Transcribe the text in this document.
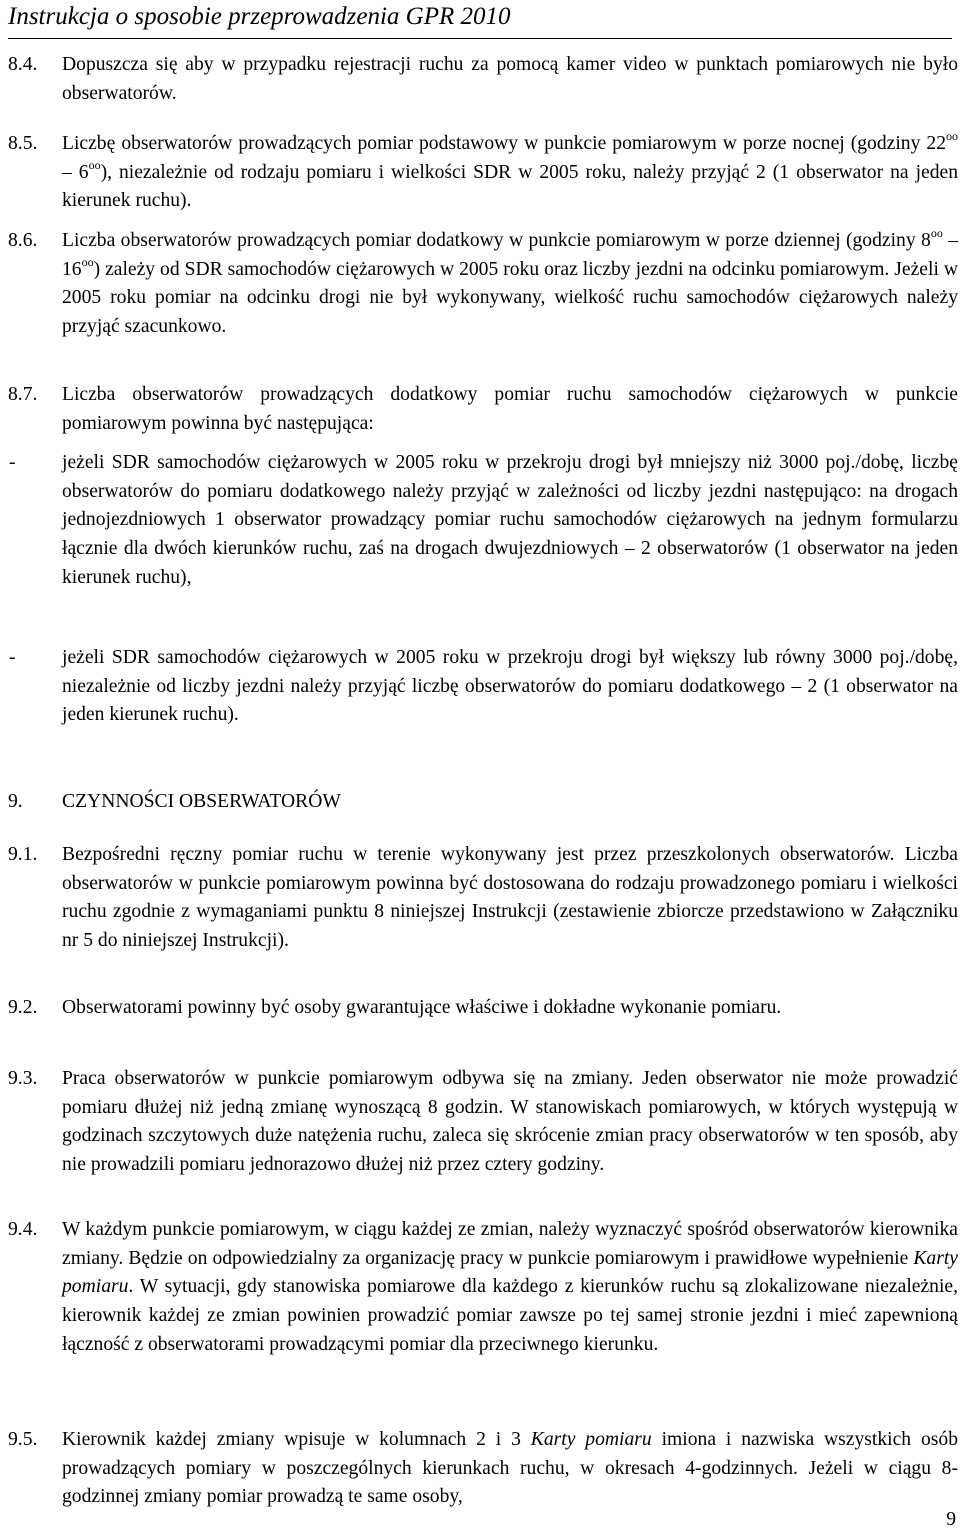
Instrukcja o sposobie przeprowadzenia GPR 2010
8.4. Dopuszcza się aby w przypadku rejestracji ruchu za pomocą kamer video w punktach pomiarowych nie było obserwatorów.
8.5. Liczbę obserwatorów prowadzących pomiar podstawowy w punkcie pomiarowym w porze nocnej (godziny $22^{oo} - 6^{oo}$), niezależnie od rodzaju pomiaru i wielkości SDR w 2005 roku, należy przyjąć 2 (1 obserwator na jeden kierunek ruchu).
8.6. Liczba obserwatorów prowadzących pomiar dodatkowy w punkcie pomiarowym w porze dziennej (godziny $8^{oo} - 16^{oo}$) zależy od SDR samochodów ciężarowych w 2005 roku oraz liczby jezdni na odcinku pomiarowym. Jeżeli w 2005 roku pomiar na odcinku drogi nie był wykonywany, wielkość ruchu samochodów ciężarowych należy przyjąć szacunkowo.
8.7. Liczba obserwatorów prowadzących dodatkowy pomiar ruchu samochodów ciężarowych w punkcie pomiarowym powinna być następująca:
- jeżeli SDR samochodów ciężarowych w 2005 roku w przekroju drogi był mniejszy niż 3000 poj./dobę, liczbę obserwatorów do pomiaru dodatkowego należy przyjąć w zależności od liczby jezdni następująco: na drogach jednojezdniowych 1 obserwator prowadzący pomiar ruchu samochodów ciężarowych na jednym formularzu łącznie dla dwóch kierunków ruchu, zaś na drogach dwujezdniowych – 2 obserwatorów (1 obserwator na jeden kierunek ruchu),
- jeżeli SDR samochodów ciężarowych w 2005 roku w przekroju drogi był większy lub równy 3000 poj./dobę, niezależnie od liczby jezdni należy przyjąć liczbę obserwatorów do pomiaru dodatkowego – 2 (1 obserwator na jeden kierunek ruchu).
9. CZYNNOŚCI OBSERWATORÓW
9.1. Bezpośredni ręczny pomiar ruchu w terenie wykonywany jest przez przeszkolonych obserwatorów. Liczba obserwatorów w punkcie pomiarowym powinna być dostosowana do rodzaju prowadzonego pomiaru i wielkości ruchu zgodnie z wymaganiami punktu 8 niniejszej Instrukcji (zestawienie zbiorcze przedstawiono w Załączniku nr 5 do niniejszej Instrukcji).
9.2. Obserwatorami powinny być osoby gwarantujące właściwe i dokładne wykonanie pomiaru.
9.3. Praca obserwatorów w punkcie pomiarowym odbywa się na zmiany. Jeden obserwator nie może prowadzić pomiaru dłużej niż jedną zmianę wynoszącą 8 godzin. W stanowiskach pomiarowych, w których występują w godzinach szczytowych duże natężenia ruchu, zaleca się skrócenie zmian pracy obserwatorów w ten sposób, aby nie prowadzili pomiaru jednorazowo dłużej niż przez cztery godziny.
9.4. W każdym punkcie pomiarowym, w ciągu każdej ze zmian, należy wyznaczyć spośród obserwatorów kierownika zmiany. Będzie on odpowiedzialny za organizację pracy w punkcie pomiarowym i prawidłowe wypełnienie Karty pomiaru. W sytuacji, gdy stanowiska pomiarowe dla każdego z kierunków ruchu są zlokalizowane niezależnie, kierownik każdej ze zmian powinien prowadzić pomiar zawsze po tej samej stronie jezdni i mieć zapewnioną łączność z obserwatorami prowadzącymi pomiar dla przeciwnego kierunku.
9.5. Kierownik każdej zmiany wpisuje w kolumnach 2 i 3 Karty pomiaru imiona i nazwiska wszystkich osób prowadzących pomiary w poszczególnych kierunkach ruchu, w okresach 4-godzinnych. Jeżeli w ciągu 8-godzinnej zmiany pomiar prowadzą te same osoby,
9
